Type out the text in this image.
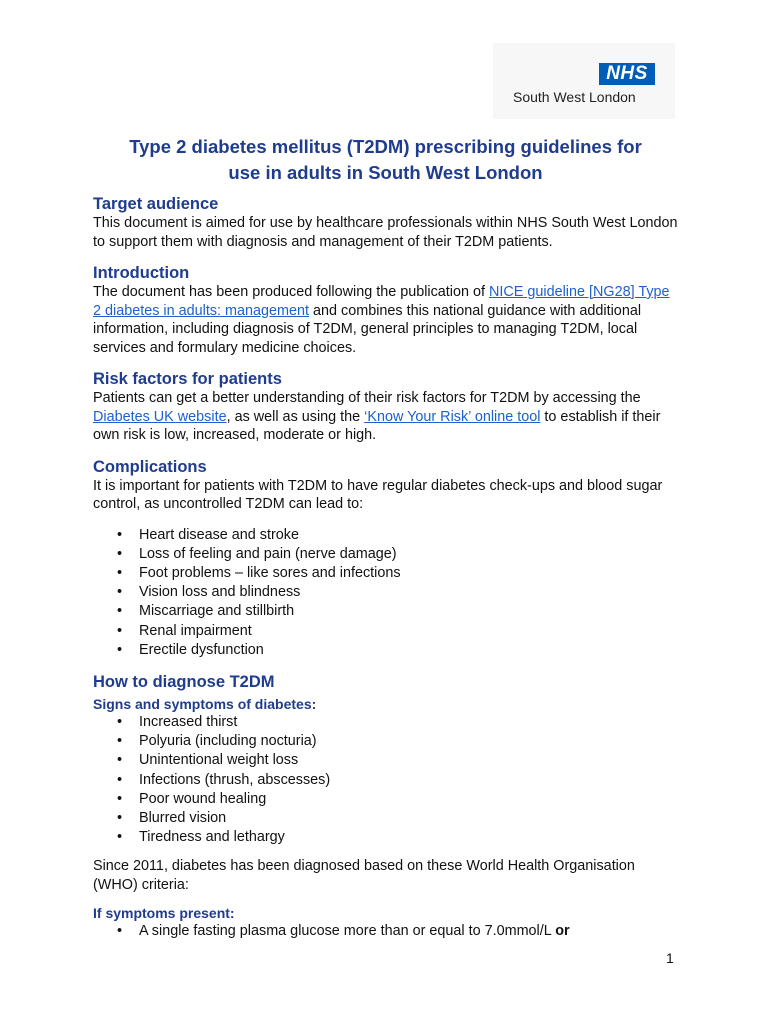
NHS
South West London
Type 2 diabetes mellitus (T2DM) prescribing guidelines for
use in adults in South West London
Target audience

This document is aimed for use by healthcare professionals within NHS South West London to support them with diagnosis and management of their T2DM patients.

Introduction

The document has been produced following the publication of NICE guideline [NG28] Type 2 diabetes in adults: management and combines this national guidance with additional information, including diagnosis of T2DM, general principles to managing T2DM, local services and formulary medicine choices.

Risk factors for patients

Patients can get a better understanding of their risk factors for T2DM by accessing the Diabetes UK website, as well as using the ‘Know Your Risk’ online tool to establish if their own risk is low, increased, moderate or high.

Complications

It is important for patients with T2DM to have regular diabetes check-ups and blood sugar control, as uncontrolled T2DM can lead to:

• Heart disease and stroke
• Loss of feeling and pain (nerve damage)
• Foot problems – like sores and infections
• Vision loss and blindness
• Miscarriage and stillbirth
• Renal impairment
• Erectile dysfunction
How to diagnose T2DM
Signs and symptoms of diabetes:
• Increased thirst
• Polyuria (including nocturia)
• Unintentional weight loss
• Infections (thrush, abscesses)
• Poor wound healing
• Blurred vision
• Tiredness and lethargy

Since 2011, diabetes has been diagnosed based on these World Health Organisation (WHO) criteria:

If symptoms present:
• A single fasting plasma glucose more than or equal to 7.0mmol/L or
1
